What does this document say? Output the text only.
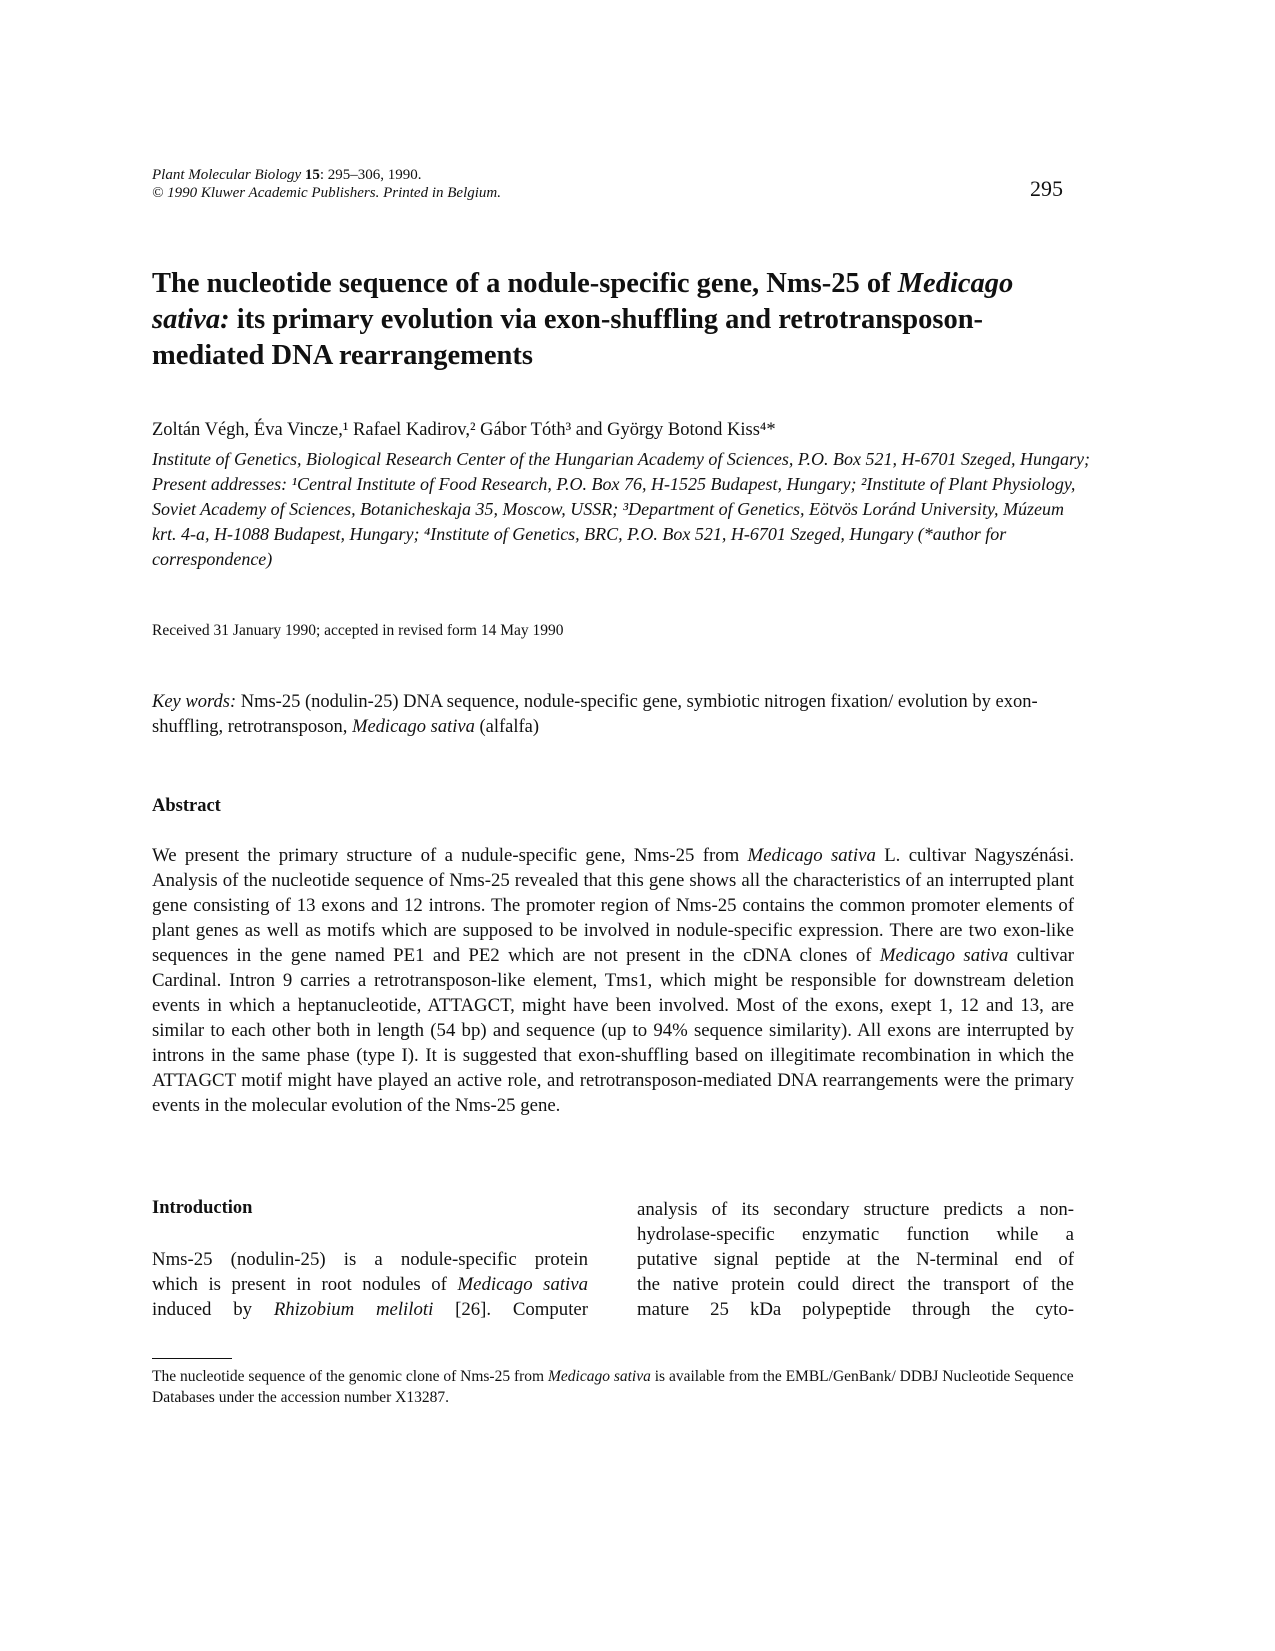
Plant Molecular Biology 15: 295–306, 1990.
© 1990 Kluwer Academic Publishers. Printed in Belgium.	295
The nucleotide sequence of a nodule-specific gene, Nms-25 of Medicago sativa: its primary evolution via exon-shuffling and retrotransposon-mediated DNA rearrangements
Zoltán Végh, Éva Vincze,¹ Rafael Kadirov,² Gábor Tóth³ and György Botond Kiss⁴*
Institute of Genetics, Biological Research Center of the Hungarian Academy of Sciences, P.O. Box 521, H-6701 Szeged, Hungary; Present addresses: ¹Central Institute of Food Research, P.O. Box 76, H-1525 Budapest, Hungary; ²Institute of Plant Physiology, Soviet Academy of Sciences, Botanicheskaja 35, Moscow, USSR; ³Department of Genetics, Eötvös Loránd University, Múzeum krt. 4-a, H-1088 Budapest, Hungary; ⁴Institute of Genetics, BRC, P.O. Box 521, H-6701 Szeged, Hungary (*author for correspondence)
Received 31 January 1990; accepted in revised form 14 May 1990
Key words: Nms-25 (nodulin-25) DNA sequence, nodule-specific gene, symbiotic nitrogen fixation/ evolution by exon-shuffling, retrotransposon, Medicago sativa (alfalfa)
Abstract
We present the primary structure of a nudule-specific gene, Nms-25 from Medicago sativa L. cultivar Nagyszénási. Analysis of the nucleotide sequence of Nms-25 revealed that this gene shows all the characteristics of an interrupted plant gene consisting of 13 exons and 12 introns. The promoter region of Nms-25 contains the common promoter elements of plant genes as well as motifs which are supposed to be involved in nodule-specific expression. There are two exon-like sequences in the gene named PE1 and PE2 which are not present in the cDNA clones of Medicago sativa cultivar Cardinal. Intron 9 carries a retrotransposon-like element, Tms1, which might be responsible for downstream deletion events in which a heptanucleotide, ATTAGCT, might have been involved. Most of the exons, exept 1, 12 and 13, are similar to each other both in length (54 bp) and sequence (up to 94% sequence similarity). All exons are interrupted by introns in the same phase (type I). It is suggested that exon-shuffling based on illegitimate recombination in which the ATTAGCT motif might have played an active role, and retrotransposon-mediated DNA rearrangements were the primary events in the molecular evolution of the Nms-25 gene.
Introduction
Nms-25 (nodulin-25) is a nodule-specific protein
which is present in root nodules of Medicago sativa
induced by Rhizobium meliloti [26]. Computer
analysis of its secondary structure predicts a non-
hydrolase-specific enzymatic function while a
putative signal peptide at the N-terminal end of
the native protein could direct the transport of the
mature 25 kDa polypeptide through the cyto-
The nucleotide sequence of the genomic clone of Nms-25 from Medicago sativa is available from the EMBL/GenBank/ DDBJ Nucleotide Sequence Databases under the accession number X13287.
